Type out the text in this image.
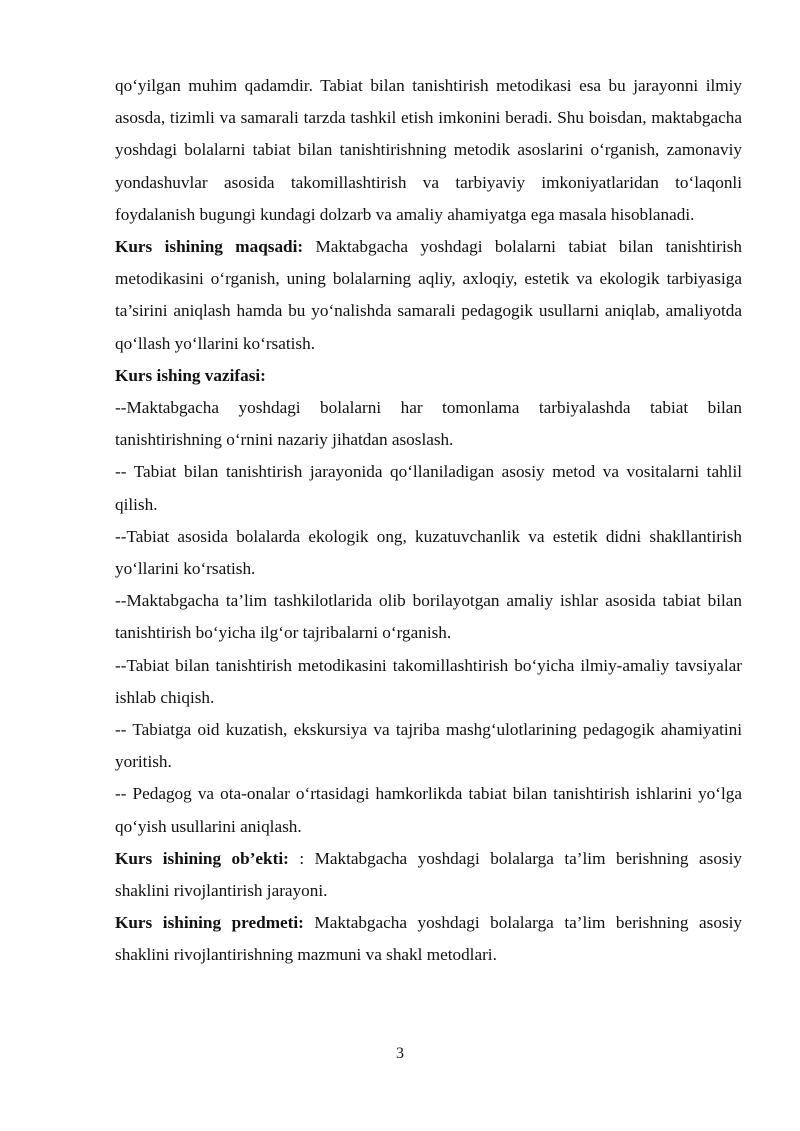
qo‘yilgan muhim qadamdir. Tabiat bilan tanishtirish metodikasi esa bu jarayonni ilmiy asosda, tizimli va samarali tarzda tashkil etish imkonini beradi. Shu boisdan, maktabgacha yoshdagi bolalarni tabiat bilan tanishtirishning metodik asoslarini o‘rganish, zamonaviy yondashuvlar asosida takomillashtirish va tarbiyaviy imkoniyatlaridan to‘laqonli foydalanish bugungi kundagi dolzarb va amaliy ahamiyatga ega masala hisoblanadi.

Kurs ishining maqsadi: Maktabgacha yoshdagi bolalarni tabiat bilan tanishtirish metodikasini o‘rganish, uning bolalarning aqliy, axloqiy, estetik va ekologik tarbiyasiga ta’sirini aniqlash hamda bu yo‘nalishda samarali pedagogik usullarni aniqlab, amaliyotda qo‘llash yo‘llarini ko‘rsatish.

Kurs ishing vazifasi:

--Maktabgacha yoshdagi bolalarni har tomonlama tarbiyalashda tabiat bilan tanishtirishning o‘rnini nazariy jihatdan asoslash.

-- Tabiat bilan tanishtirish jarayonida qo‘llaniladigan asosiy metod va vositalarni tahlil qilish.

--Tabiat asosida bolalarda ekologik ong, kuzatuvchanlik va estetik didni shakllantirish yo‘llarini ko‘rsatish.

--Maktabgacha ta’lim tashkilotlarida olib borilayotgan amaliy ishlar asosida tabiat bilan tanishtirish bo‘yicha ilg‘or tajribalarni o‘rganish.

--Tabiat bilan tanishtirish metodikasini takomillashtirish bo‘yicha ilmiy-amaliy tavsiyalar ishlab chiqish.

-- Tabiatga oid kuzatish, ekskursiya va tajriba mashg‘ulotlarining pedagogik ahamiyatini yoritish.

-- Pedagog va ota-onalar o‘rtasidagi hamkorlikda tabiat bilan tanishtirish ishlarini yo‘lga qo‘yish usullarini aniqlash.

Kurs ishining ob’ekti: : Maktabgacha yoshdagi bolalarga ta’lim berishning asosiy shaklini rivojlantirish jarayoni.

Kurs ishining predmeti: Maktabgacha yoshdagi bolalarga ta’lim berishning asosiy shaklini rivojlantirishning mazmuni va shakl metodlari.

3
